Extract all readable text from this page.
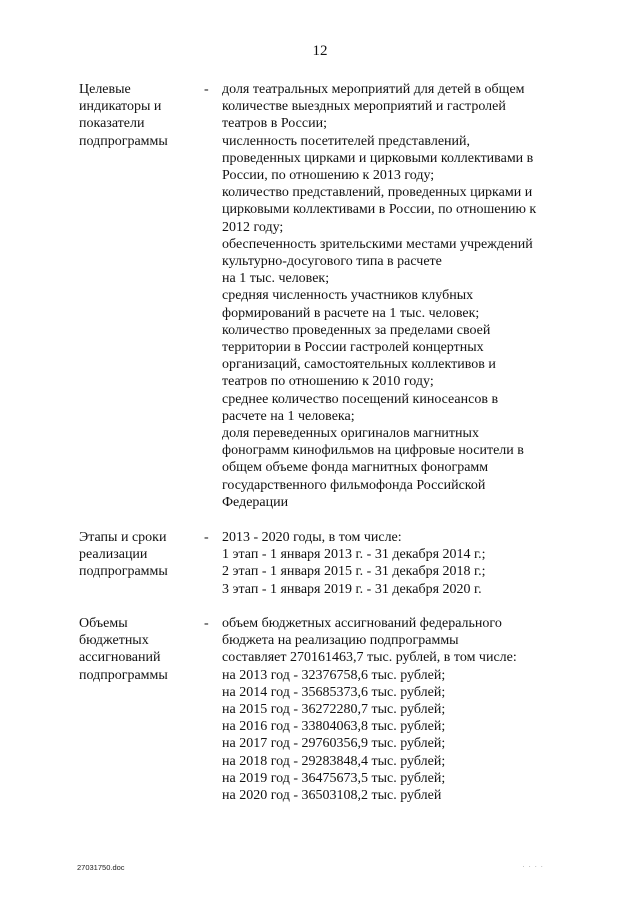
12
Целевые
индикаторы и
показатели
подпрограммы
- доля театральных мероприятий для детей в общем
количестве выездных мероприятий и гастролей
театров в России;
численность посетителей представлений,
проведенных цирками и цирковыми коллективами в
России, по отношению к 2013 году;
количество представлений, проведенных цирками и
цирковыми коллективами в России, по отношению к
2012 году;
обеспеченность зрительскими местами учреждений
культурно-досугового типа в расчете
на 1 тыс. человек;
средняя численность участников клубных
формирований в расчете на 1 тыс. человек;
количество проведенных за пределами своей
территории в России гастролей концертных
организаций, самостоятельных коллективов и
театров по отношению к 2010 году;
среднее количество посещений киносеансов в
расчете на 1 человека;
доля переведенных оригиналов магнитных
фонограмм кинофильмов на цифровые носители в
общем объеме фонда магнитных фонограмм
государственного фильмофонда Российской
Федерации
Этапы и сроки
реализации
подпрограммы
- 2013 - 2020 годы, в том числе:
1 этап - 1 января 2013 г. - 31 декабря 2014 г.;
2 этап - 1 января 2015 г. - 31 декабря 2018 г.;
3 этап - 1 января 2019 г. - 31 декабря 2020 г.
Объемы
бюджетных
ассигнований
подпрограммы
- объем бюджетных ассигнований федерального
бюджета на реализацию подпрограммы
составляет 270161463,7 тыс. рублей, в том числе:
на 2013 год - 32376758,6 тыс. рублей;
на 2014 год - 35685373,6 тыс. рублей;
на 2015 год - 36272280,7 тыс. рублей;
на 2016 год - 33804063,8 тыс. рублей;
на 2017 год - 29760356,9 тыс. рублей;
на 2018 год - 29283848,4 тыс. рублей;
на 2019 год - 36475673,5 тыс. рублей;
на 2020 год - 36503108,2 тыс. рублей
27031750.doc	· · · ·
